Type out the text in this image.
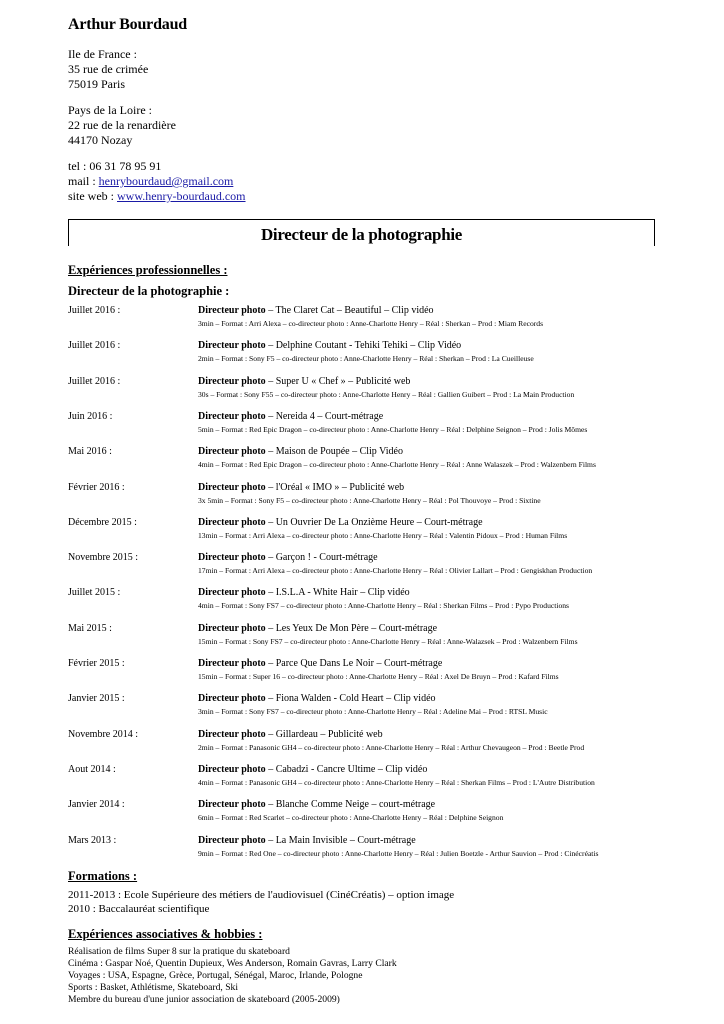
Arthur Bourdaud
Ile de France :
35 rue de crimée
75019 Paris
Pays de la Loire :
22 rue de la renardière
44170 Nozay
tel : 06 31 78 95 91
mail : henrybourdaud@gmail.com
site web : www.henry-bourdaud.com
Directeur de la photographie
Expériences professionnelles :
Directeur de la photographie :
Juillet 2016 :	Directeur photo – The Claret Cat – Beautiful – Clip vidéo
3min – Format : Arri Alexa – co-directeur photo : Anne-Charlotte Henry – Réal : Sherkan – Prod : Miam Records
Juillet 2016 :	Directeur photo – Delphine Coutant - Tehiki Tehiki – Clip Vidéo
2min – Format : Sony F5 – co-directeur photo : Anne-Charlotte Henry – Réal : Sherkan – Prod : La Cueilleuse
Juillet 2016 :	Directeur photo – Super U « Chef » – Publicité web
30s – Format : Sony F55 – co-directeur photo : Anne-Charlotte Henry – Réal : Gallien Guibert – Prod : La Main Production
Juin 2016 :	Directeur photo – Nereida 4 – Court-métrage
5min – Format : Red Epic Dragon – co-directeur photo : Anne-Charlotte Henry – Réal : Delphine Seignon – Prod : Jolis Mômes
Mai 2016 :	Directeur photo – Maison de Poupée – Clip Vidéo
4min – Format : Red Epic Dragon – co-directeur photo : Anne-Charlotte Henry – Réal : Anne Walaszek – Prod : Walzenbern Films
Février 2016 :	Directeur photo – l'Oréal « IMO » – Publicité web
3x 5min – Format : Sony F5 – co-directeur photo : Anne-Charlotte Henry – Réal : Pol Thouvoye – Prod : Sixtine
Décembre 2015 :	Directeur photo – Un Ouvrier De La Onzième Heure – Court-métrage
13min – Format : Arri Alexa – co-directeur photo : Anne-Charlotte Henry – Réal : Valentin Pidoux – Prod : Human Films
Novembre 2015 :	Directeur photo – Garçon ! - Court-métrage
17min – Format : Arri Alexa – co-directeur photo : Anne-Charlotte Henry – Réal : Olivier Lallart – Prod : Gengiskhan Production
Juillet 2015 :	Directeur photo – I.S.L.A - White Hair – Clip vidéo
4min – Format : Sony FS7 – co-directeur photo : Anne-Charlotte Henry – Réal : Sherkan Films – Prod : Pypo Productions
Mai 2015 :	Directeur photo – Les Yeux De Mon Père – Court-métrage
15min – Format : Sony FS7 – co-directeur photo : Anne-Charlotte Henry – Réal : Anne-Walazsek – Prod : Walzenbern Films
Février 2015 :	Directeur photo – Parce Que Dans Le Noir – Court-métrage
15min – Format : Super 16 – co-directeur photo : Anne-Charlotte Henry – Réal : Axel De Bruyn – Prod : Kafard Films
Janvier 2015 :	Directeur photo – Fiona Walden - Cold Heart – Clip vidéo
3min – Format : Sony FS7 – co-directeur photo : Anne-Charlotte Henry – Réal : Adeline Mai – Prod : RTSL Music
Novembre 2014 :	Directeur photo – Gillardeau – Publicité web
2min – Format : Panasonic GH4 – co-directeur photo : Anne-Charlotte Henry – Réal : Arthur Chevaugeon – Prod : Beetle Prod
Aout 2014 :	Directeur photo – Cabadzi - Cancre Ultime – Clip vidéo
4min – Format : Panasonic GH4 – co-directeur photo : Anne-Charlotte Henry – Réal : Sherkan Films – Prod : L'Autre Distribution
Janvier 2014 :	Directeur photo – Blanche Comme Neige – court-métrage
6min – Format : Red Scarlet – co-directeur photo : Anne-Charlotte Henry – Réal : Delphine Seignon
Mars 2013 :	Directeur photo – La Main Invisible – Court-métrage
9min – Format : Red One – co-directeur photo : Anne-Charlotte Henry – Réal : Julien Boetzle - Arthur Sauvion – Prod : Cinécréatis
Formations :
2011-2013 : Ecole Supérieure des métiers de l'audiovisuel (CinéCréatis) – option image
2010 : Baccalauréat scientifique
Expériences associatives & hobbies :
Réalisation de films Super 8 sur la pratique du skateboard
Cinéma : Gaspar Noé, Quentin Dupieux, Wes Anderson, Romain Gavras, Larry Clark
Voyages : USA, Espagne, Grèce, Portugal, Sénégal, Maroc, Irlande, Pologne
Sports : Basket, Athlétisme, Skateboard, Ski
Membre du bureau d'une junior association de skateboard (2005-2009)
